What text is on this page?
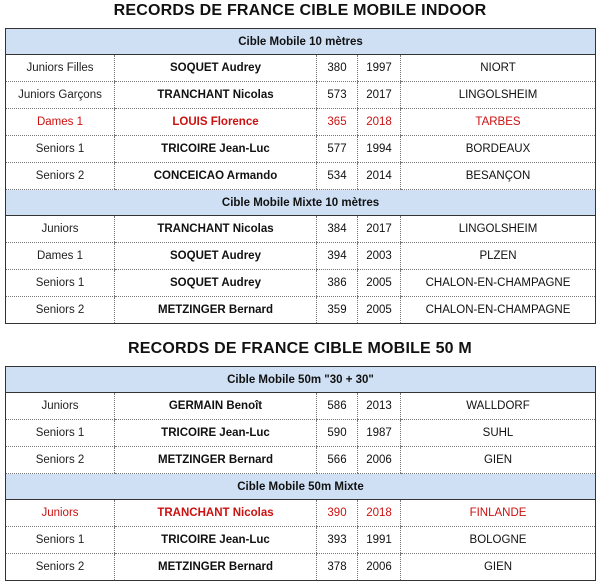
RECORDS DE FRANCE CIBLE MOBILE INDOOR
Cible Mobile 10 mètres				
Juniors Filles	SOQUET Audrey	380	1997	NIORT
Juniors Garçons	TRANCHANT Nicolas	573	2017	LINGOLSHEIM
Dames 1	LOUIS Florence	365	2018	TARBES
Seniors 1	TRICOIRE Jean-Luc	577	1994	BORDEAUX
Seniors 2	CONCEICAO Armando	534	2014	BESANÇON
Cible Mobile Mixte 10 mètres				
Juniors	TRANCHANT Nicolas	384	2017	LINGOLSHEIM
Dames 1	SOQUET Audrey	394	2003	PLZEN
Seniors 1	SOQUET Audrey	386	2005	CHALON-EN-CHAMPAGNE
Seniors 2	METZINGER Bernard	359	2005	CHALON-EN-CHAMPAGNE
RECORDS DE FRANCE CIBLE MOBILE 50 M
Cible Mobile 50m "30 + 30"				
Juniors	GERMAIN Benoît	586	2013	WALLDORF
Seniors 1	TRICOIRE Jean-Luc	590	1987	SUHL
Seniors 2	METZINGER Bernard	566	2006	GIEN
Cible Mobile 50m Mixte				
Juniors	TRANCHANT Nicolas	390	2018	FINLANDE
Seniors 1	TRICOIRE Jean-Luc	393	1991	BOLOGNE
Seniors 2	METZINGER Bernard	378	2006	GIEN
